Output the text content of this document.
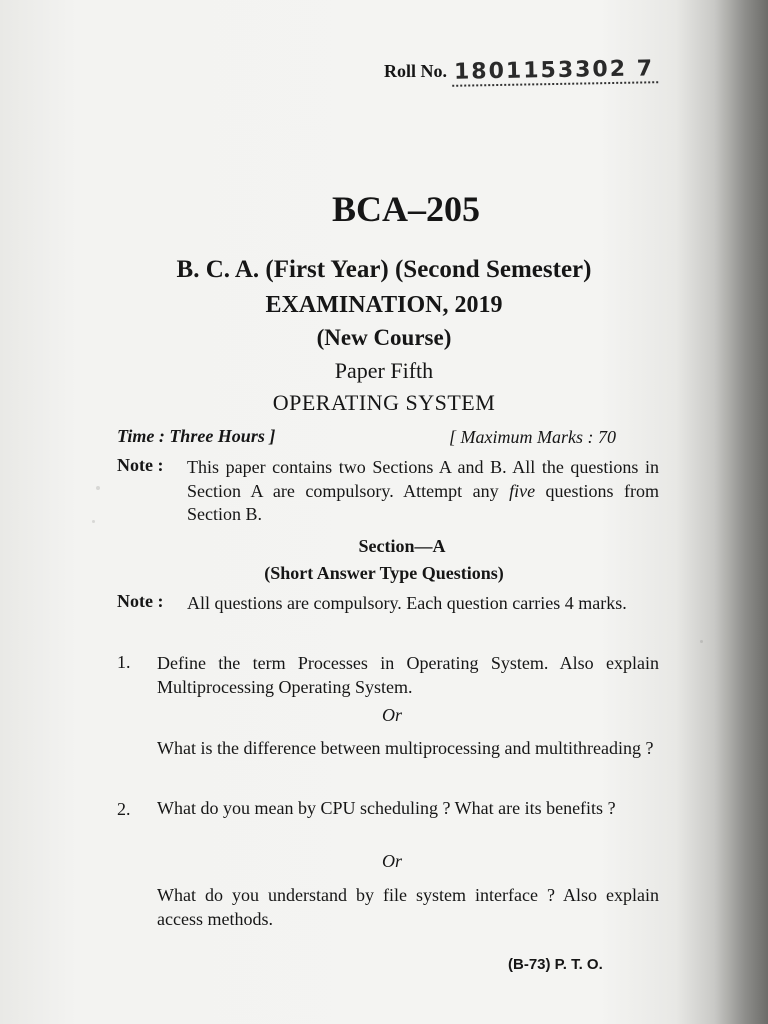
Roll No. 1801153302 7
BCA–205
B. C. A. (First Year) (Second Semester)
EXAMINATION, 2019
(New Course)
Paper Fifth
OPERATING SYSTEM
Time : Three Hours ]	[ Maximum Marks : 70
Note : This paper contains two Sections A and B. All the questions in Section A are compulsory. Attempt any five questions from Section B.
Section—A
(Short Answer Type Questions)
Note : All questions are compulsory. Each question carries 4 marks.
1. Define the term Processes in Operating System. Also explain Multiprocessing Operating System.
Or
What is the difference between multiprocessing and multithreading ?
2. What do you mean by CPU scheduling ? What are its benefits ?
Or
What do you understand by file system interface ? Also explain access methods.
(B-73) P. T. O.
